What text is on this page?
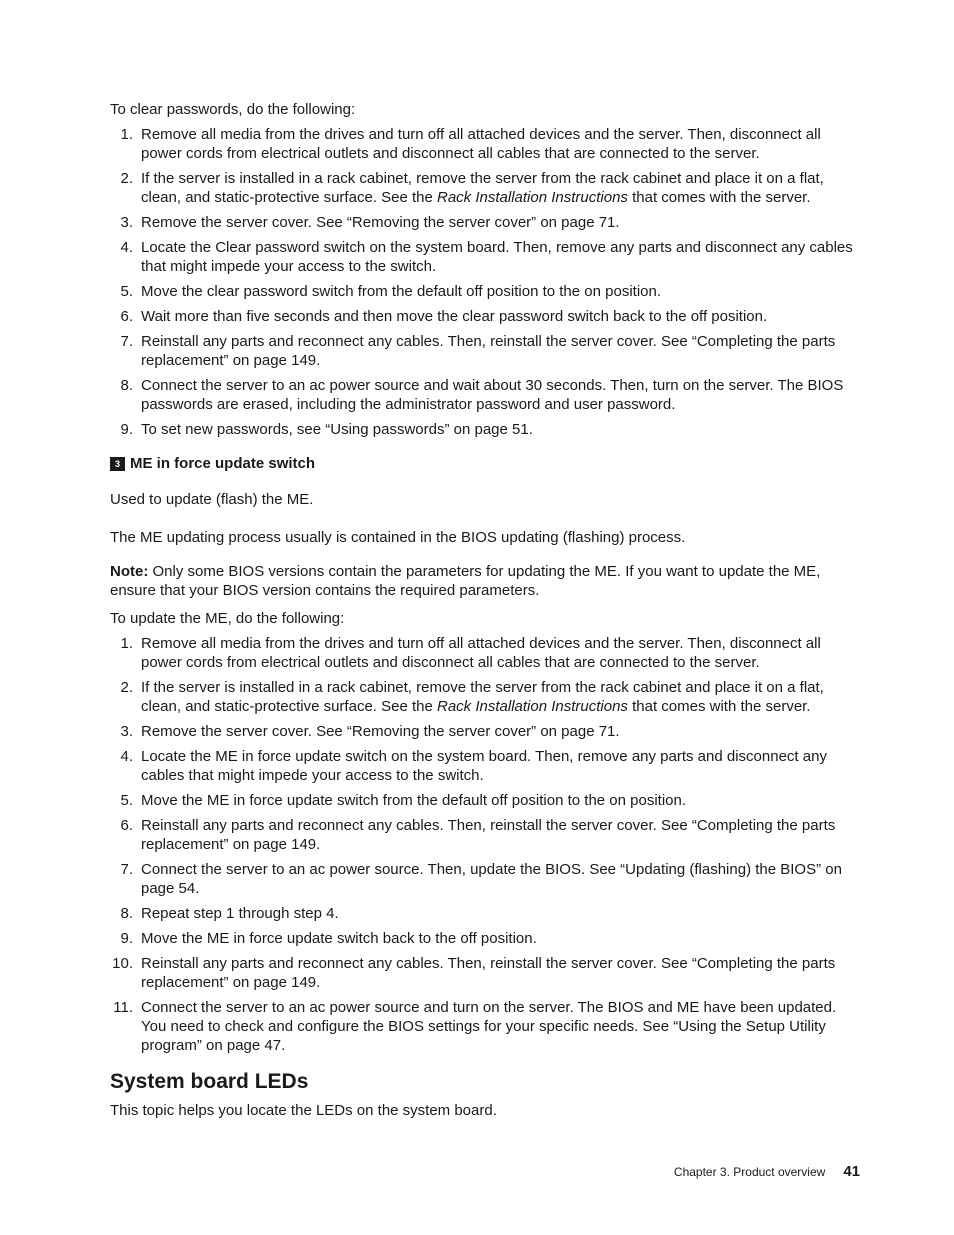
To clear passwords, do the following:

1. Remove all media from the drives and turn off all attached devices and the server. Then, disconnect all power cords from electrical outlets and disconnect all cables that are connected to the server.
2. If the server is installed in a rack cabinet, remove the server from the rack cabinet and place it on a flat, clean, and static-protective surface. See the Rack Installation Instructions that comes with the server.
3. Remove the server cover. See “Removing the server cover” on page 71.
4. Locate the Clear password switch on the system board. Then, remove any parts and disconnect any cables that might impede your access to the switch.
5. Move the clear password switch from the default off position to the on position.
6. Wait more than five seconds and then move the clear password switch back to the off position.
7. Reinstall any parts and reconnect any cables. Then, reinstall the server cover. See “Completing the parts replacement” on page 149.
8. Connect the server to an ac power source and wait about 30 seconds. Then, turn on the server. The BIOS passwords are erased, including the administrator password and user password.
9. To set new passwords, see “Using passwords” on page 51.
3 ME in force update switch

Used to update (flash) the ME.

The ME updating process usually is contained in the BIOS updating (flashing) process.

Note: Only some BIOS versions contain the parameters for updating the ME. If you want to update the ME, ensure that your BIOS version contains the required parameters.

To update the ME, do the following:

1. Remove all media from the drives and turn off all attached devices and the server. Then, disconnect all power cords from electrical outlets and disconnect all cables that are connected to the server.
2. If the server is installed in a rack cabinet, remove the server from the rack cabinet and place it on a flat, clean, and static-protective surface. See the Rack Installation Instructions that comes with the server.
3. Remove the server cover. See “Removing the server cover” on page 71.
4. Locate the ME in force update switch on the system board. Then, remove any parts and disconnect any cables that might impede your access to the switch.
5. Move the ME in force update switch from the default off position to the on position.
6. Reinstall any parts and reconnect any cables. Then, reinstall the server cover. See “Completing the parts replacement” on page 149.
7. Connect the server to an ac power source. Then, update the BIOS. See “Updating (flashing) the BIOS” on page 54.
8. Repeat step 1 through step 4.
9. Move the ME in force update switch back to the off position.
10. Reinstall any parts and reconnect any cables. Then, reinstall the server cover. See “Completing the parts replacement” on page 149.
11. Connect the server to an ac power source and turn on the server. The BIOS and ME have been updated. You need to check and configure the BIOS settings for your specific needs. See “Using the Setup Utility program” on page 47.
System board LEDs

This topic helps you locate the LEDs on the system board.

Chapter 3. Product overview 41
